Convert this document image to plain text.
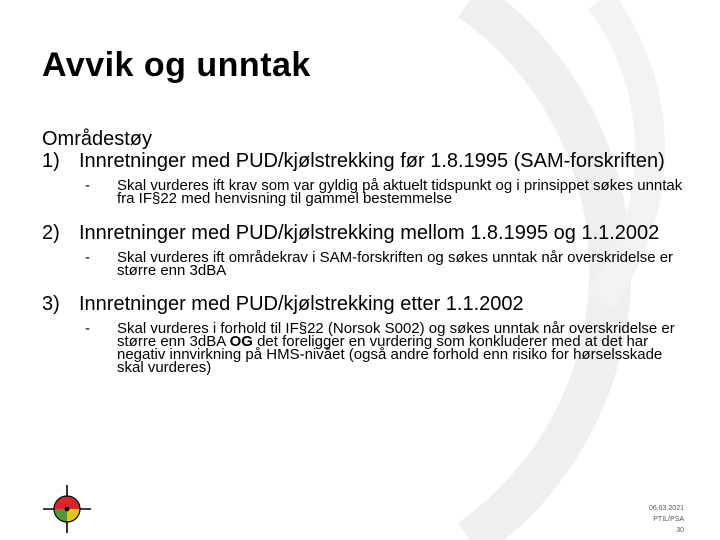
Avvik og unntak

Områdestøy

1) Innretninger med PUD/kjølstrekking før 1.8.1995 (SAM-forskriften)
- Skal vurderes ift krav som var gyldig på aktuelt tidspunkt og i prinsippet søkes unntak fra IF§22 med henvisning til gammel bestemmelse
2) Innretninger med PUD/kjølstrekking mellom 1.8.1995 og 1.1.2002
- Skal vurderes ift områdekrav i SAM-forskriften og søkes unntak når overskridelse er større enn 3dBA
3) Innretninger med PUD/kjølstrekking etter 1.1.2002
- Skal vurderes i forhold til IF§22 (Norsok S002) og søkes unntak når overskridelse er større enn 3dBA OG det foreligger en vurdering som konkluderer med at det har negativ innvirkning på HMS-nivået (også andre forhold enn risiko for hørselsskade skal vurderes)
06.03.2021
PTIL/PSA
30
